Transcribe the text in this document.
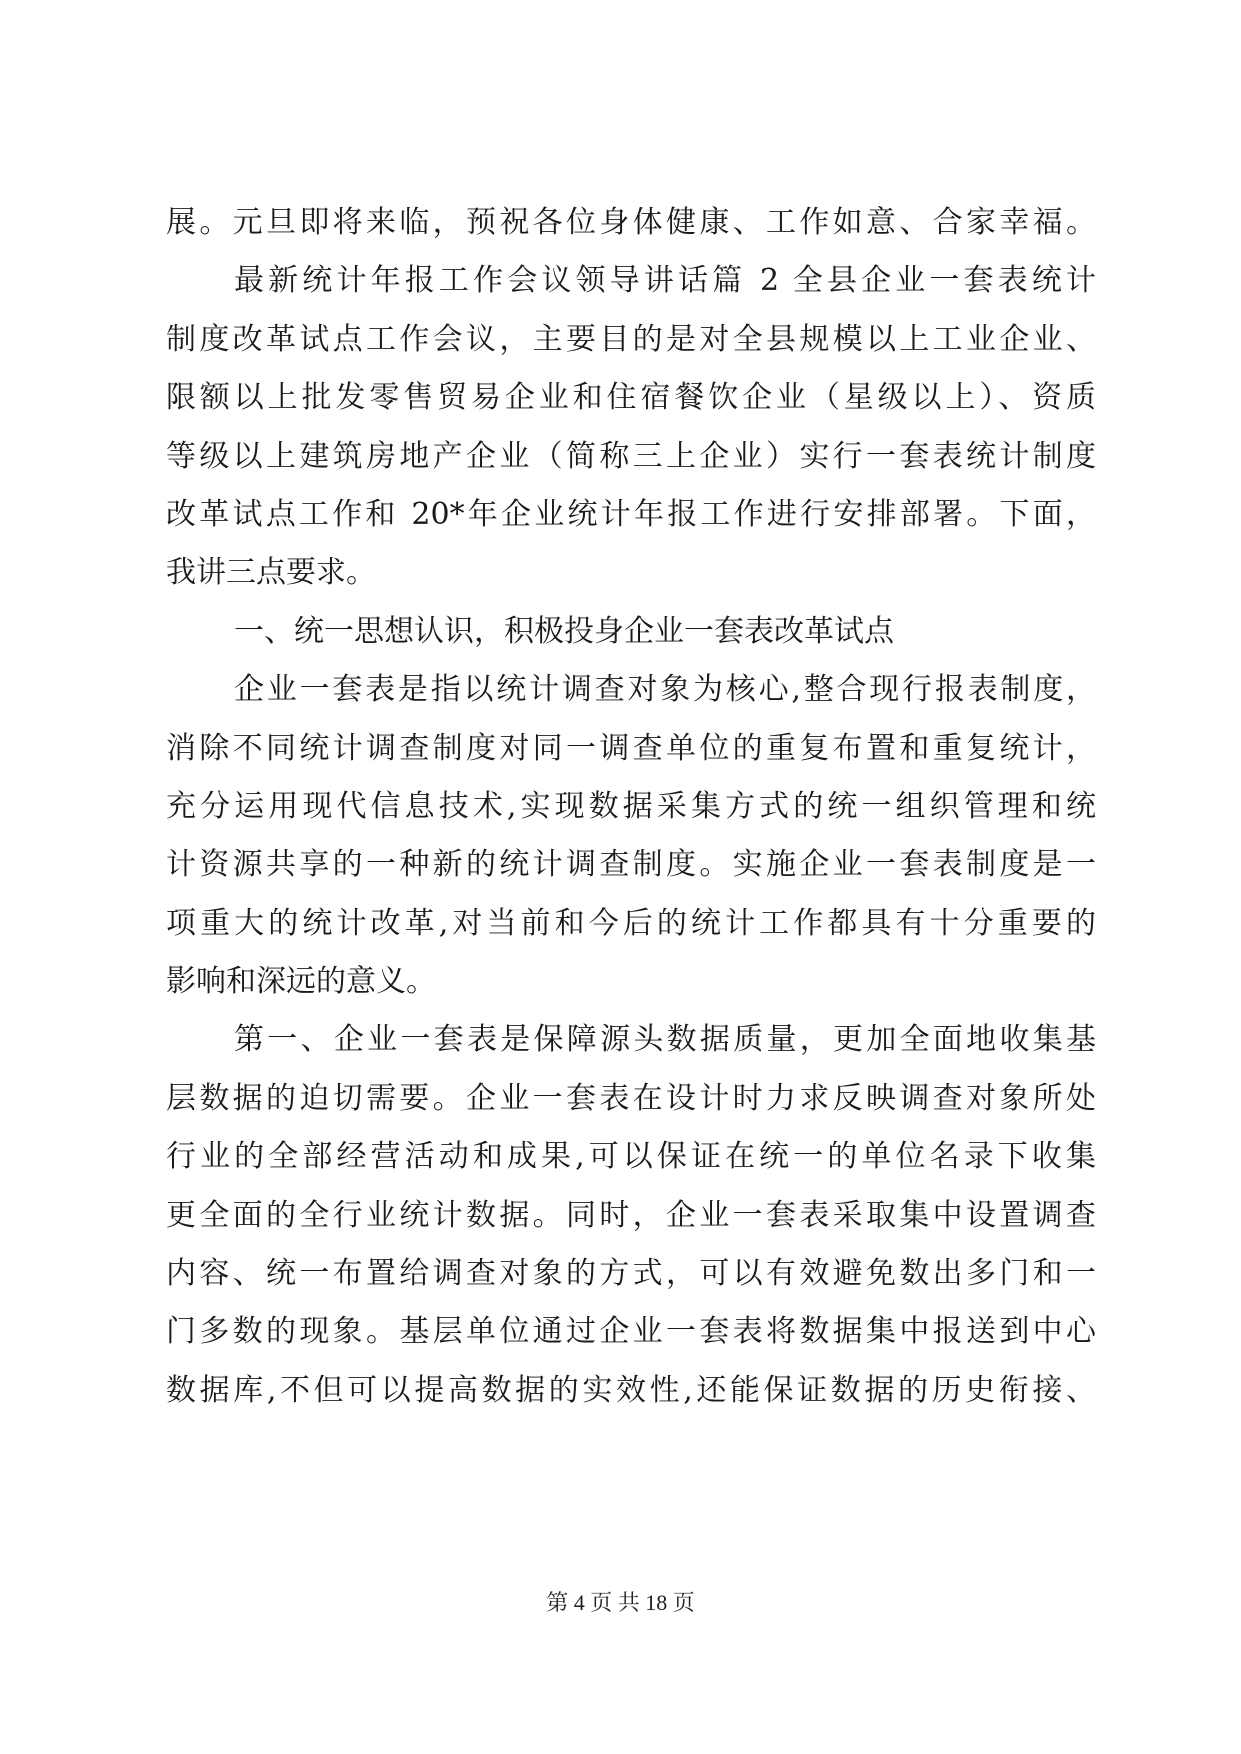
展。元旦即将来临，预祝各位身体健康、工作如意、合家幸福。
最新统计年报工作会议领导讲话篇 2 全县企业一套表统计
制度改革试点工作会议，主要目的是对全县规模以上工业企业、
限额以上批发零售贸易企业和住宿餐饮企业（星级以上）、资质
等级以上建筑房地产企业（简称三上企业）实行一套表统计制度
改革试点工作和 20*年企业统计年报工作进行安排部署。下面，
我讲三点要求。
一、统一思想认识，积极投身企业一套表改革试点
企业一套表是指以统计调查对象为核心,整合现行报表制度，
消除不同统计调查制度对同一调查单位的重复布置和重复统计，
充分运用现代信息技术,实现数据采集方式的统一组织管理和统
计资源共享的一种新的统计调查制度。实施企业一套表制度是一
项重大的统计改革,对当前和今后的统计工作都具有十分重要的
影响和深远的意义。
第一、企业一套表是保障源头数据质量，更加全面地收集基
层数据的迫切需要。企业一套表在设计时力求反映调查对象所处
行业的全部经营活动和成果,可以保证在统一的单位名录下收集
更全面的全行业统计数据。同时，企业一套表采取集中设置调查
内容、统一布置给调查对象的方式，可以有效避免数出多门和一
门多数的现象。基层单位通过企业一套表将数据集中报送到中心
数据库,不但可以提高数据的实效性,还能保证数据的历史衔接、
第 4 页 共 18 页
